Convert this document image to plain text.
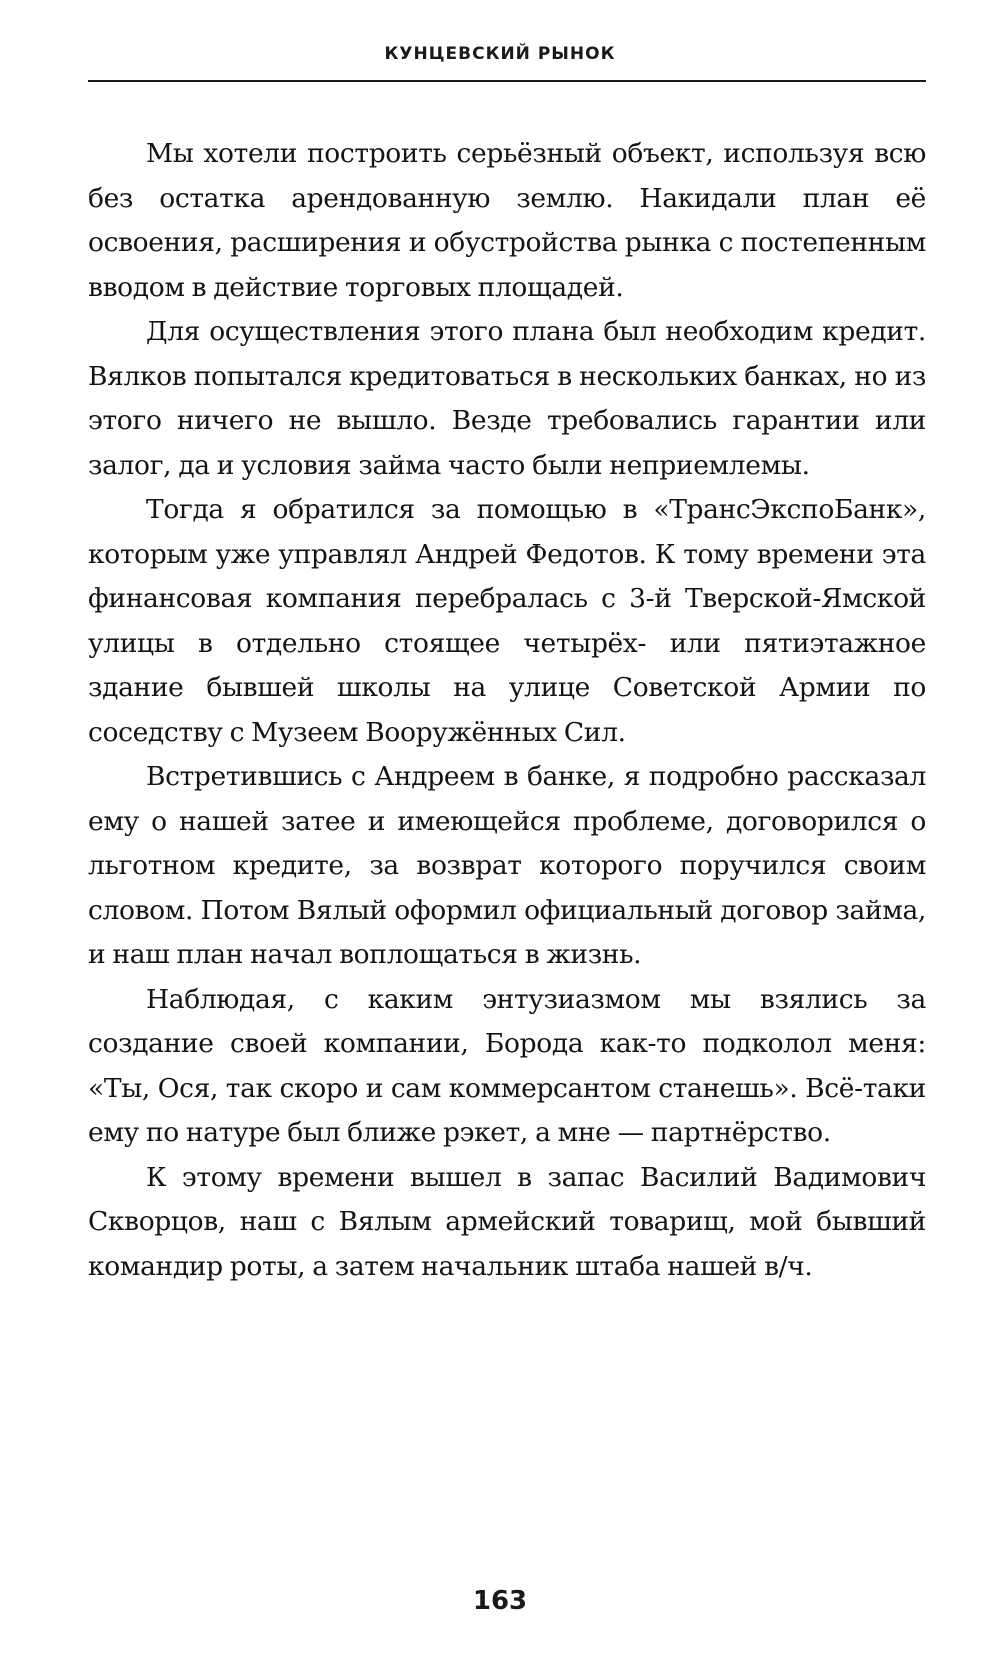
КУНЦЕВСКИЙ РЫНОК

Мы хотели построить серьёзный объект, используя всю без остатка арендованную землю. Накидали план её освоения, расширения и обустройства рынка с постепенным вводом в действие торговых площадей.

Для осуществления этого плана был необходим кредит. Вялков попытался кредитоваться в нескольких банках, но из этого ничего не вышло. Везде требовались гарантии или залог, да и условия займа часто были неприемлемы.

Тогда я обратился за помощью в «ТрансЭкспоБанк», которым уже управлял Андрей Федотов. К тому времени эта финансовая компания перебралась с 3-й Тверской-Ямской улицы в отдельно стоящее четырёх- или пятиэтажное здание бывшей школы на улице Советской Армии по соседству с Музеем Вооружённых Сил.

Встретившись с Андреем в банке, я подробно рассказал ему о нашей затее и имеющейся проблеме, договорился о льготном кредите, за возврат которого поручился своим словом. Потом Вялый оформил официальный договор займа, и наш план начал воплощаться в жизнь.

Наблюдая, с каким энтузиазмом мы взялись за создание своей компании, Борода как-то подколол меня: «Ты, Ося, так скоро и сам коммерсантом станешь». Всё-таки ему по натуре был ближе рэкет, а мне — партнёрство.

К этому времени вышел в запас Василий Вадимович Скворцов, наш с Вялым армейский товарищ, мой бывший командир роты, а затем начальник штаба нашей в/ч.

163
